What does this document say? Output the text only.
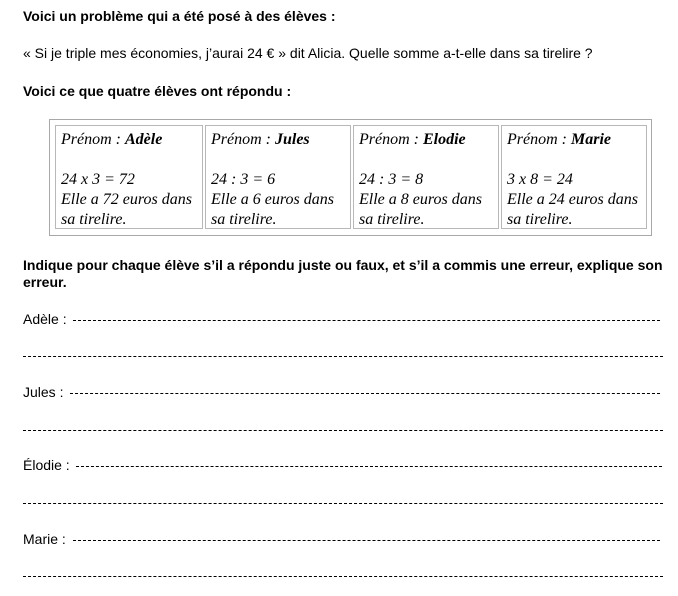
Voici un problème qui a été posé à des élèves :
« Si je triple mes économies, j’aurai 24 € » dit Alicia. Quelle somme a-t-elle dans sa tirelire ?
Voici ce que quatre élèves ont répondu :
Prénom : Adèle
24 x 3 = 72
Elle a 72 euros dans sa tirelire.
Prénom : Jules
24 : 3 = 6
Elle a 6 euros dans sa tirelire.
Prénom : Elodie
24 : 3 = 8
Elle a 8 euros dans sa tirelire.
Prénom : Marie
3 x 8 = 24
Elle a 24 euros dans sa tirelire.
Indique pour chaque élève s’il a répondu juste ou faux, et s’il a commis une erreur, explique son erreur.
Adèle :
Jules :
Élodie :
Marie :
